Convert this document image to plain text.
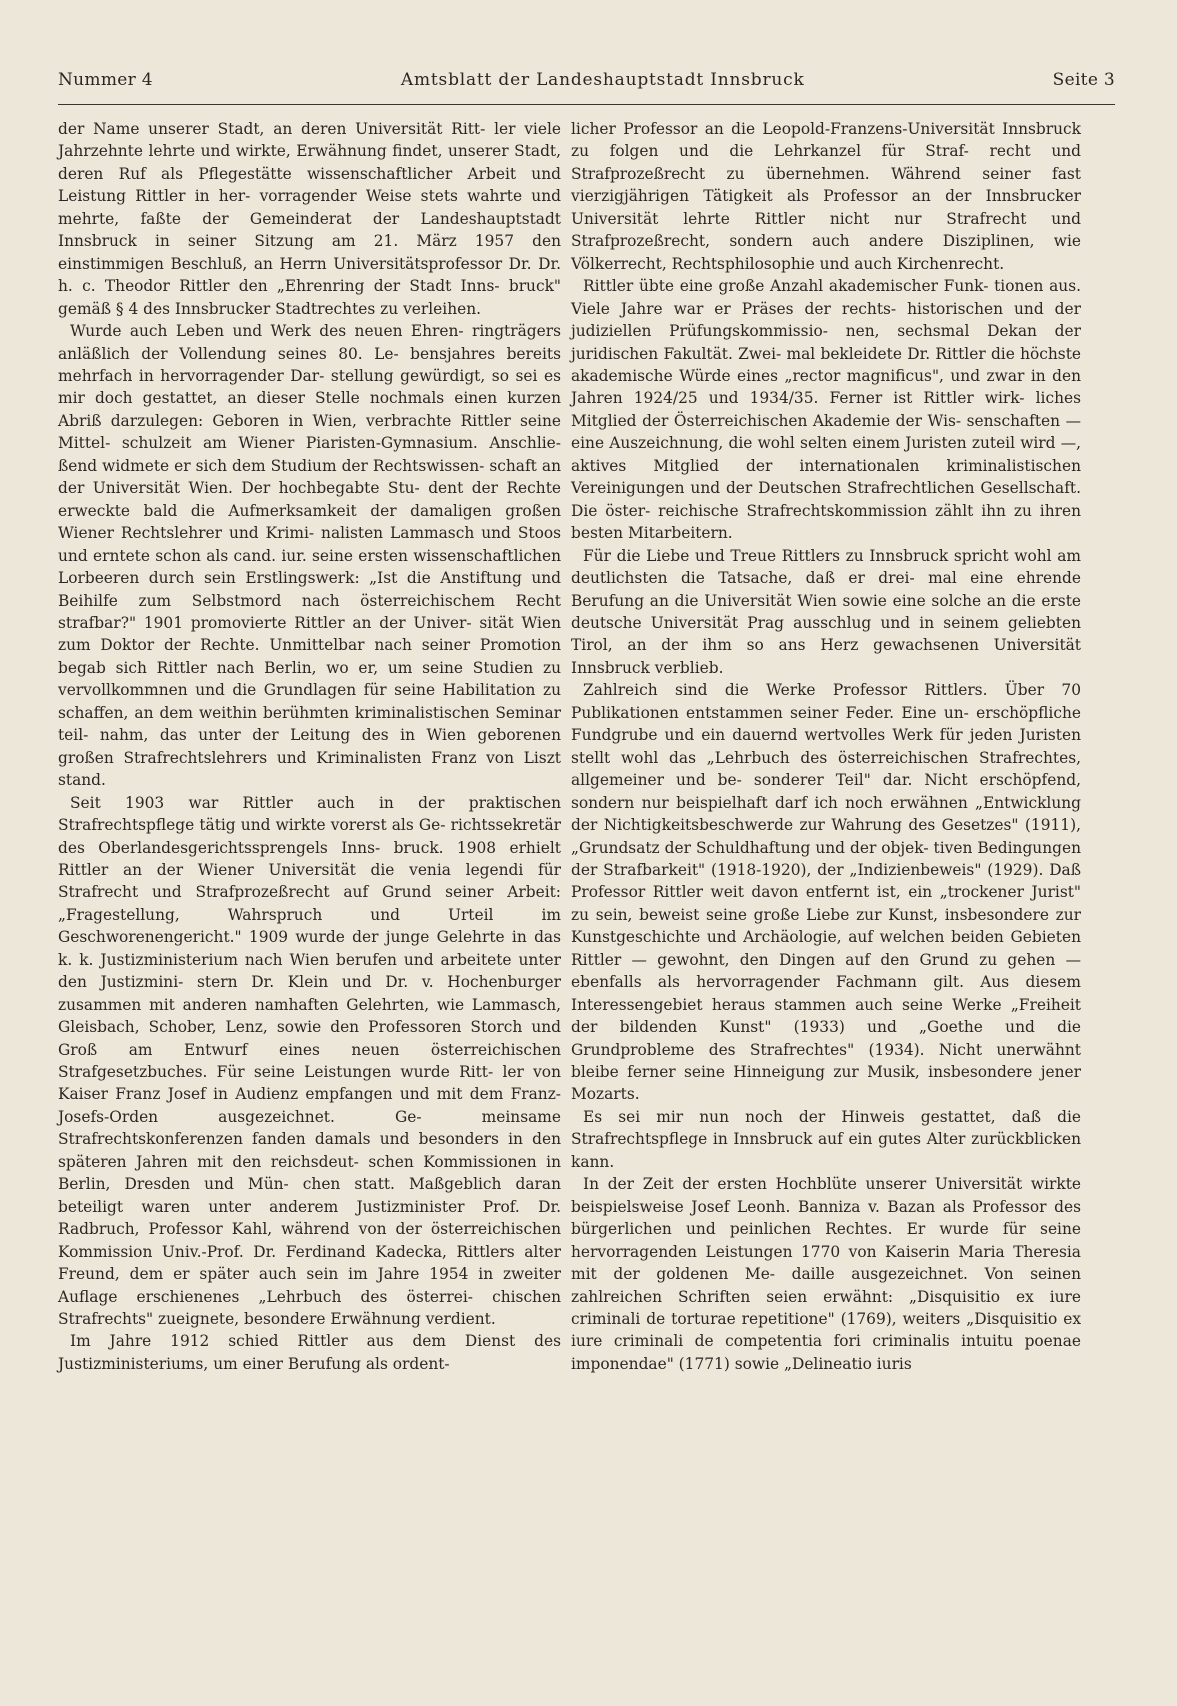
Nummer 4	Amtsblatt der Landeshauptstadt Innsbruck	Seite 3

der Name unserer Stadt, an deren Universität Ritt- ler viele Jahrzehnte lehrte und wirkte, Erwähnung findet, unserer Stadt, deren Ruf als Pflegestätte wissenschaftlicher Arbeit und Leistung Rittler in her- vorragender Weise stets wahrte und mehrte, faßte der Gemeinderat der Landeshauptstadt Innsbruck in seiner Sitzung am 21. März 1957 den einstimmigen Beschluß, an Herrn Universitätsprofessor Dr. Dr. h. c. Theodor Rittler den „Ehrenring der Stadt Inns- bruck" gemäß § 4 des Innsbrucker Stadtrechtes zu verleihen.

Wurde auch Leben und Werk des neuen Ehren- ringträgers anläßlich der Vollendung seines 80. Le- bensjahres bereits mehrfach in hervorragender Dar- stellung gewürdigt, so sei es mir doch gestattet, an dieser Stelle nochmals einen kurzen Abriß darzulegen: Geboren in Wien, verbrachte Rittler seine Mittel- schulzeit am Wiener Piaristen-Gymnasium. Anschlie- ßend widmete er sich dem Studium der Rechtswissen- schaft an der Universität Wien. Der hochbegabte Stu- dent der Rechte erweckte bald die Aufmerksamkeit der damaligen großen Wiener Rechtslehrer und Krimi- nalisten Lammasch und Stoos und erntete schon als cand. iur. seine ersten wissenschaftlichen Lorbeeren durch sein Erstlingswerk: „Ist die Anstiftung und Beihilfe zum Selbstmord nach österreichischem Recht strafbar?" 1901 promovierte Rittler an der Univer- sität Wien zum Doktor der Rechte. Unmittelbar nach seiner Promotion begab sich Rittler nach Berlin, wo er, um seine Studien zu vervollkommnen und die Grundlagen für seine Habilitation zu schaffen, an dem weithin berühmten kriminalistischen Seminar teil- nahm, das unter der Leitung des in Wien geborenen großen Strafrechtslehrers und Kriminalisten Franz von Liszt stand.

Seit 1903 war Rittler auch in der praktischen Strafrechtspflege tätig und wirkte vorerst als Ge- richtssekretär des Oberlandesgerichtssprengels Inns- bruck. 1908 erhielt Rittler an der Wiener Universität die venia legendi für Strafrecht und Strafprozeßrecht auf Grund seiner Arbeit: „Fragestellung, Wahrspruch und Urteil im Geschworenengericht." 1909 wurde der junge Gelehrte in das k. k. Justizministerium nach Wien berufen und arbeitete unter den Justizmini- stern Dr. Klein und Dr. v. Hochenburger zusammen mit anderen namhaften Gelehrten, wie Lammasch, Gleisbach, Schober, Lenz, sowie den Professoren Storch und Groß am Entwurf eines neuen österreichischen Strafgesetzbuches. Für seine Leistungen wurde Ritt- ler von Kaiser Franz Josef in Audienz empfangen und mit dem Franz-Josefs-Orden ausgezeichnet. Ge- meinsame Strafrechtskonferenzen fanden damals und besonders in den späteren Jahren mit den reichsdeut- schen Kommissionen in Berlin, Dresden und Mün- chen statt. Maßgeblich daran beteiligt waren unter anderem Justizminister Prof. Dr. Radbruch, Professor Kahl, während von der österreichischen Kommission Univ.-Prof. Dr. Ferdinand Kadecka, Rittlers alter Freund, dem er später auch sein im Jahre 1954 in zweiter Auflage erschienenes „Lehrbuch des österrei- chischen Strafrechts" zueignete, besondere Erwähnung verdient.

Im Jahre 1912 schied Rittler aus dem Dienst des Justizministeriums, um einer Berufung als ordent-

licher Professor an die Leopold-Franzens-Universität Innsbruck zu folgen und die Lehrkanzel für Straf- recht und Strafprozeßrecht zu übernehmen. Während seiner fast vierzigjährigen Tätigkeit als Professor an der Innsbrucker Universität lehrte Rittler nicht nur Strafrecht und Strafprozeßrecht, sondern auch andere Disziplinen, wie Völkerrecht, Rechtsphilosophie und auch Kirchenrecht.

Rittler übte eine große Anzahl akademischer Funk- tionen aus. Viele Jahre war er Präses der rechts- historischen und der judiziellen Prüfungskommissio- nen, sechsmal Dekan der juridischen Fakultät. Zwei- mal bekleidete Dr. Rittler die höchste akademische Würde eines „rector magnificus", und zwar in den Jahren 1924/25 und 1934/35. Ferner ist Rittler wirk- liches Mitglied der Österreichischen Akademie der Wis- senschaften — eine Auszeichnung, die wohl selten einem Juristen zuteil wird —, aktives Mitglied der internationalen kriminalistischen Vereinigungen und der Deutschen Strafrechtlichen Gesellschaft. Die öster- reichische Strafrechtskommission zählt ihn zu ihren besten Mitarbeitern.

Für die Liebe und Treue Rittlers zu Innsbruck spricht wohl am deutlichsten die Tatsache, daß er drei- mal eine ehrende Berufung an die Universität Wien sowie eine solche an die erste deutsche Universität Prag ausschlug und in seinem geliebten Tirol, an der ihm so ans Herz gewachsenen Universität Innsbruck verblieb.

Zahlreich sind die Werke Professor Rittlers. Über 70 Publikationen entstammen seiner Feder. Eine un- erschöpfliche Fundgrube und ein dauernd wertvolles Werk für jeden Juristen stellt wohl das „Lehrbuch des österreichischen Strafrechtes, allgemeiner und be- sonderer Teil" dar. Nicht erschöpfend, sondern nur beispielhaft darf ich noch erwähnen „Entwicklung der Nichtigkeitsbeschwerde zur Wahrung des Gesetzes" (1911), „Grundsatz der Schuldhaftung und der objek- tiven Bedingungen der Strafbarkeit" (1918-1920), der „Indizienbeweis" (1929). Daß Professor Rittler weit davon entfernt ist, ein „trockener Jurist" zu sein, beweist seine große Liebe zur Kunst, insbesondere zur Kunstgeschichte und Archäologie, auf welchen beiden Gebieten Rittler — gewohnt, den Dingen auf den Grund zu gehen — ebenfalls als hervorragender Fachmann gilt. Aus diesem Interessengebiet heraus stammen auch seine Werke „Freiheit der bildenden Kunst" (1933) und „Goethe und die Grundprobleme des Strafrechtes" (1934). Nicht unerwähnt bleibe ferner seine Hinneigung zur Musik, insbesondere jener Mozarts.

Es sei mir nun noch der Hinweis gestattet, daß die Strafrechtspflege in Innsbruck auf ein gutes Alter zurückblicken kann.

In der Zeit der ersten Hochblüte unserer Universität wirkte beispielsweise Josef Leonh. Banniza v. Bazan als Professor des bürgerlichen und peinlichen Rechtes. Er wurde für seine hervorragenden Leistungen 1770 von Kaiserin Maria Theresia mit der goldenen Me- daille ausgezeichnet. Von seinen zahlreichen Schriften seien erwähnt: „Disquisitio ex iure criminali de torturae repetitione" (1769), weiters „Disquisitio ex iure criminali de competentia fori criminalis intuitu poenae imponendae" (1771) sowie „Delineatio iuris
